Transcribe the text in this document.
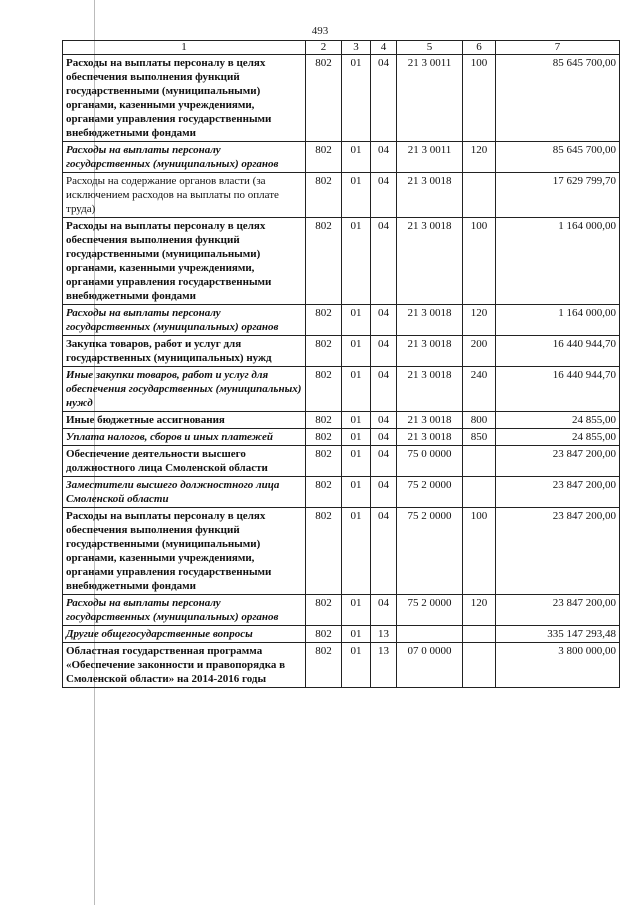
493
1	2	3	4	5	6	7
Расходы на выплаты персоналу в целях обеспечения выполнения функций государственными (муниципальными) органами, казенными учреждениями, органами управления государственными внебюджетными фондами	802	01	04	21 3 0011	100	85 645 700,00
Расходы на выплаты персоналу государственных (муниципальных) органов	802	01	04	21 3 0011	120	85 645 700,00
Расходы на содержание органов власти (за исключением расходов на выплаты по оплате труда)	802	01	04	21 3 0018		17 629 799,70
Расходы на выплаты персоналу в целях обеспечения выполнения функций государственными (муниципальными) органами, казенными учреждениями, органами управления государственными внебюджетными фондами	802	01	04	21 3 0018	100	1 164 000,00
Расходы на выплаты персоналу государственных (муниципальных) органов	802	01	04	21 3 0018	120	1 164 000,00
Закупка товаров, работ и услуг для государственных (муниципальных) нужд	802	01	04	21 3 0018	200	16 440 944,70
Иные закупки товаров, работ и услуг для обеспечения государственных (муниципальных) нужд	802	01	04	21 3 0018	240	16 440 944,70
Иные бюджетные ассигнования	802	01	04	21 3 0018	800	24 855,00
Уплата налогов, сборов и иных платежей	802	01	04	21 3 0018	850	24 855,00
Обеспечение деятельности высшего должностного лица Смоленской области	802	01	04	75 0 0000		23 847 200,00
Заместители высшего должностного лица Смоленской области	802	01	04	75 2 0000		23 847 200,00
Расходы на выплаты персоналу в целях обеспечения выполнения функций государственными (муниципальными) органами, казенными учреждениями, органами управления государственными внебюджетными фондами	802	01	04	75 2 0000	100	23 847 200,00
Расходы на выплаты персоналу государственных (муниципальных) органов	802	01	04	75 2 0000	120	23 847 200,00
Другие общегосударственные вопросы	802	01	13			335 147 293,48
Областная государственная программа «Обеспечение законности и правопорядка в Смоленской области» на 2014-2016 годы	802	01	13	07 0 0000		3 800 000,00
